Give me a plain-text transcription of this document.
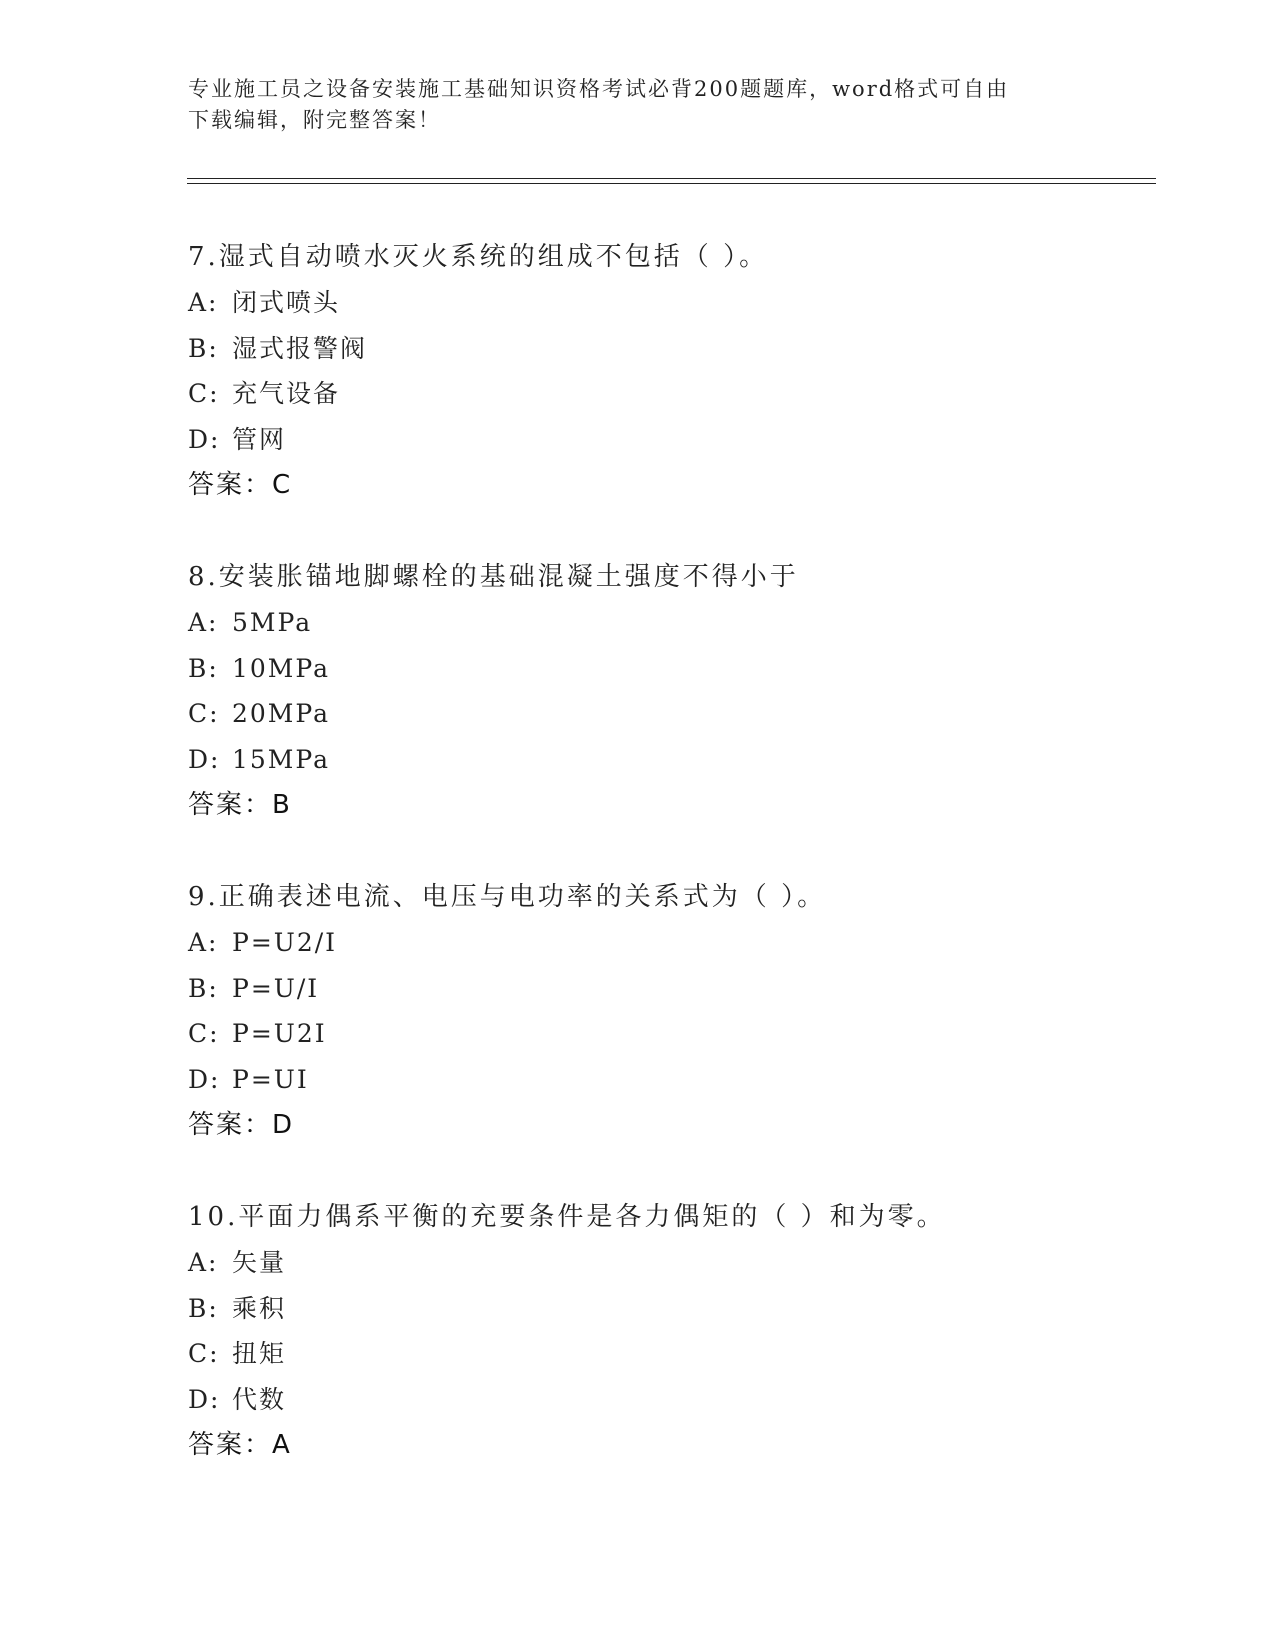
专业施工员之设备安装施工基础知识资格考试必背200题题库，word格式可自由
下载编辑，附完整答案！
7.湿式自动喷水灭火系统的组成不包括（ ）。
A: 闭式喷头
B: 湿式报警阀
C: 充气设备
D: 管网
答案：C
8.安装胀锚地脚螺栓的基础混凝土强度不得小于
A: 5MPa
B: 10MPa
C: 20MPa
D: 15MPa
答案：B
9.正确表述电流、电压与电功率的关系式为（ ）。
A: P=U2/I
B: P=U/I
C: P=U2I
D: P=UI
答案：D
10.平面力偶系平衡的充要条件是各力偶矩的（ ）和为零。
A: 矢量
B: 乘积
C: 扭矩
D: 代数
答案：A
